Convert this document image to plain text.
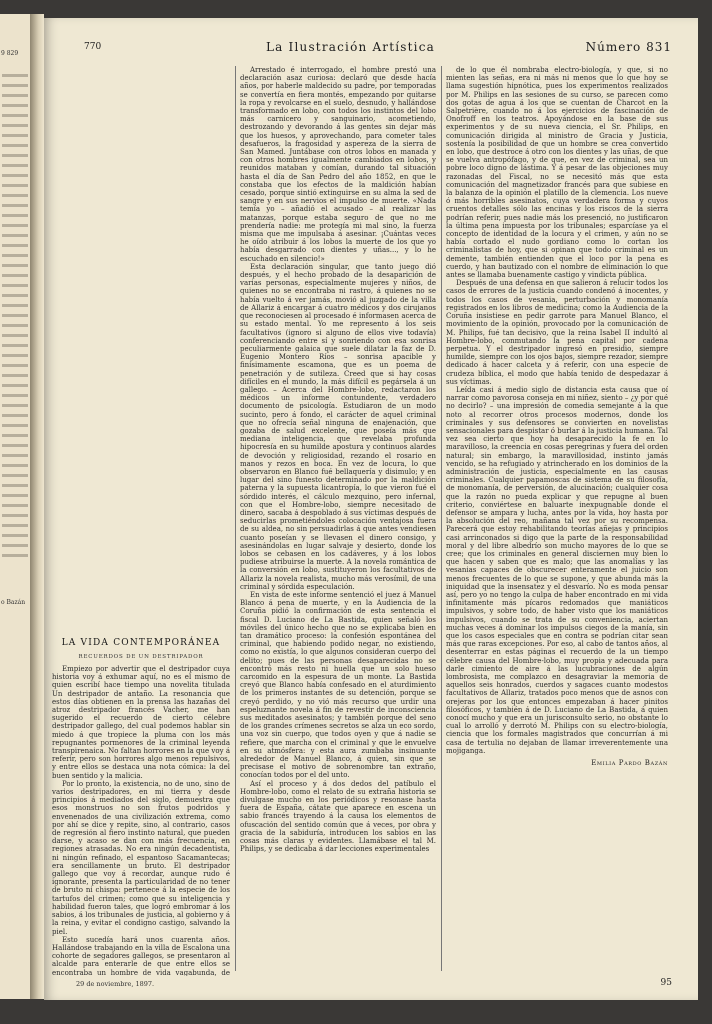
9 829
o Bazán
770	La Ilustración Artística	Número 831
LA VIDA CONTEMPORÁNEA
RECUERDOS DE UN DESTRIPADOR

Empiezo por advertir que el destripador cuya historia voy á exhumar aquí, no es el mismo de quien escribí hace tiempo una novelita titulada Un destripador de antaño. La resonancia que estos días obtienen en la prensa las hazañas del atroz destripador francés Vacher, me han sugerido el recuerdo de cierto célebre destripador gallego, del cual podemos hablar sin miedo á que tropiece la pluma con los más repugnantes pormenores de la criminal leyenda transpirenaica. No faltan horrores en la que voy á referir, pero son horrores algo menos repulsivos, y entre ellos se destaca una nota cómica: la del buen sentido y la malicia.

Por lo pronto, la existencia, no de uno, sino de varios destripadores, en mi tierra y desde principios á mediados del siglo, demuestra que esos monstruos no son frutos podridos y envenenados de una civilización extrema, como por ahí se dice y repite, sino, al contrario, casos de regresión al fiero instinto natural, que pueden darse, y acaso se dan con más frecuencia, en regiones atrasadas. No era ningún decadentista, ni ningún refinado, el espantoso Sacamantecas; era sencillamente un bruto. El destripador gallego que voy á recordar, aunque rudo é ignorante, presenta la particularidad de no tener de bruto ni chispa: pertenece á la especie de los tartufos del crimen; como que su inteligencia y habilidad fueron tales, que logró embromar á los sabios, á los tribunales de justicia, al gobierno y á la reina, y evitar el condigno castigo, salvando la piel.

Esto sucedía hará unos cuarenta años. Hallándose trabajando en la villa de Escalona una cohorte de segadores gallegos, se presentaron al alcalde para enterarle de que entre ellos se encontraba un hombre de vida vagabunda, de

Arrestado é interrogado, el hombre prestó una declaración asaz curiosa: declaró que desde hacía años, por haberle maldecido su padre, por temporadas se convertía en fiera montés, empezando por quitarse la ropa y revolcarse en el suelo, desnudo, y hallándose transformado en lobo, con todos los instintos del lobo más carnicero y sanguinario, acometiendo, destrozando y devorando á las gentes sin dejar más que los huesos, y aprovechando, para cometer tales desafueros, la fragosidad y aspereza de la sierra de San Mamed. Juntábase con otros lobos en manada y con otros hombres igualmente cambiados en lobos, y reunidos mataban y comían, durando tal situación hasta el día de San Pedro del año 1852, en que le constaba que los efectos de la maldición habían cesado, porque sintió extinguirse en su alma la sed de sangre y en sus nervios el impulso de muerte. «Nada temía yo – añadió el acusado – al realizar las matanzas, porque estaba seguro de que no me prendería nadie: me protegía mi mal sino, la fuerza misma que me impulsaba á asesinar. ¡Cuántas veces he oído atribuir á los lobos la muerte de los que yo había desgarrado con dientes y uñas..., y lo he escuchado en silencio!»

Esta declaración singular, que tanto juego dió después, y el hecho probado de la desaparición de varias personas, especialmente mujeres y niños, de quienes no se encontraba ni rastro, á quienes no se había vuelto á ver jamás, movió al juzgado de la villa de Allariz á encargar á cuatro médicos y dos cirujanos que reconociesen al procesado é informasen acerca de su estado mental. Yo me represento á los seis facultativos (ignoro si alguno de ellos vive todavía) conferenciando entre sí y sonriendo con esa sonrisa peculiarmente galaica que suele dilatar la faz de D. Eugenio Montero Ríos – sonrisa apacible y finísimamente escamona, que es un poema de penetración y de sutileza. Creed que si hay cosas difíciles en el mundo, la más difícil es pegársela á un gallego. – Acerca del Hombre-lobo, redactaron los médicos un informe contundente, verdadero documento de psicología. Estudiaron de un modo sucinto, pero á fondo, el carácter de aquel criminal que no ofrecía señal ninguna de enajenación, que gozaba de salud excelente, que poseía más que mediana inteligencia, que revelaba profunda hipocresía en su humilde apostura y continuos alardes de devoción y religiosidad, rezando el rosario en manos y rezos en boca. En vez de locura, lo que observaron en Blanco fué bellaquería y disimulo; y en lugar del sino funesto determinado por la maldición paterna y la supuesta licantropía, lo que vieron fué el sórdido interés, el cálculo mezquino, pero infernal, con que el Hombre-lobo, siempre necesitado de dinero, sacaba á despoblado á sus víctimas después de seducirlas prometiéndoles colocación ventajosa fuera de su aldea, no sin persuadirlas á que antes vendiesen cuanto poseían y se llevasen el dinero consigo, y asesinándolas en lugar salvaje y desierto, donde los lobos se cebasen en los cadáveres, y á los lobos pudiese atribuirse la muerte. A la novela romántica de la conversión en lobo, sustituyeron los facultativos de Allariz la novela realista, mucho más verosímil, de una criminal y sórdida especulación.

En vista de este informe sentenció el juez á Manuel Blanco á pena de muerte, y en la Audiencia de la Coruña pidió la confirmación de esta sentencia el fiscal D. Luciano de La Bastida, quien señaló los móviles del único hecho que no se explicaba bien en tan dramático proceso: la confesión espontánea del criminal, que habiendo podido negar, no existiendo, como no existía, lo que algunos consideran cuerpo del delito; pues de las personas desaparecidas no se encontró más resto ni huella que un solo hueso carcomido en la espesura de un monte. La Bastida creyó que Blanco había confesado en el aturdimiento de los primeros instantes de su detención, porque se creyó perdido, y no vió más recurso que urdir una espeluznante novela á fin de revestir de inconsciencia sus meditados asesinatos; y también porque del seno de los grandes crímenes secretos se alza un eco sordo, una voz sin cuerpo, que todos oyen y que á nadie se refiere, que marcha con el criminal y que le envuelve en su atmósfera: y esta aura zumbaba insinuante alrededor de Manuel Blanco, á quien, sin que se precisase el motivo de sobrenombre tan extraño, conocían todos por el del unto.

Así el proceso y á dos dedos del patíbulo el Hombre-lobo, como el relato de su extraña historia se divulgase mucho en los periódicos y resonase hasta fuera de España, cátate que aparece en escena un sabio francés trayendo á la causa los elementos de ofuscación del sentido común que á veces, por obra y gracia de la sabiduría, introducen los sabios en las cosas más claras y evidentes. Llamábase el tal M. Philips, y se dedicaba á dar lecciones experimentales

de lo que él nombraba electro-biología, y que, si no mienten las señas, era ni más ni menos que lo que hoy se llama sugestión hipnótica, pues los experimentos realizados por M. Philips en las sesiones de su curso, se parecen como dos gotas de agua á los que se cuentan de Charcot en la Salpetrière, cuando no á los ejercicios de fascinación de Onofroff en los teatros. Apoyándose en la base de sus experimentos y de su nueva ciencia, el Sr. Philips, en comunicación dirigida al ministro de Gracia y Justicia, sostenía la posibilidad de que un hombre se crea convertido en lobo, que destroce á otro con los dientes y las uñas, de que se vuelva antropófago, y de que, en vez de criminal, sea un pobre loco digno de lástima. Y á pesar de las objeciones muy razonadas del Fiscal, no se necesitó más que esta comunicación del magnetizador francés para que subiese en la balanza de la opinión el platillo de la clemencia. Los nueve ó más horribles asesinatos, cuya verdadera forma y cuyos cruentos detalles sólo las encinas y los riscos de la sierra podrían referir, pues nadie más los presenció, no justificaron la última pena impuesta por los tribunales; esparcíase ya el concepto de identidad de la locura y el crimen, y aún no se había cortado el nudo gordiano como lo cortan los criminalistas de hoy, que si opinan que todo criminal es un demente, también entienden que el loco por la pena es cuerdo, y han bautizado con el nombre de eliminación lo que antes se llamaba buenamente castigo y vindicta pública.

Después de una defensa en que salieron á relucir todos los casos de errores de la justicia cuando condenó á inocentes, y todos los casos de vesania, perturbación y monomanía registrados en los libros de medicina; como la Audiencia de la Coruña insistiese en pedir garrote para Manuel Blanco, el movimiento de la opinión, provocado por la comunicación de M. Philips, fué tan decisivo, que la reina Isabel II indultó al Hombre-lobo, conmutando la pena capital por cadena perpetua. Y el destripador ingresó en presidio, siempre humilde, siempre con los ojos bajos, siempre rezador, siempre dedicado á hacer calceta y á referir, con una especie de crudeza bíblica, el modo que había tenido de despedazar á sus víctimas.

Leída casi á medio siglo de distancia esta causa que oí narrar como pavorosa conseja en mi niñez, siento – ¿y por qué no decirlo? – una impresión de comedia semejante á la que noto al recorrer otros procesos modernos, donde los criminales y sus defensores se convierten en novelistas sensacionales para despistar ó burlar á la justicia humana. Tal vez sea cierto que hoy ha desaparecido la fe en lo maravilloso, la creencia en cosas peregrinas y fuera del orden natural; sin embargo, la maravillosidad, instinto jamás vencido, se ha refugiado y atrincherado en los dominios de la administración de justicia, especialmente en las causas criminales. Cualquier papamoscas de sistema de su filosofía, de monomanía, de perversión, de alucinación; cualquier cosa que la razón no pueda explicar y que repugne al buen criterio, conviértese en baluarte inexpugnable donde el defensor se ampara y lucha, antes por la vida, hoy hasta por la absolución del reo, mañana tal vez por su recompensa. Parecerá que estoy rehabilitando teorías añejas y principios casi arrinconados si digo que la parte de la responsabilidad moral y del libre albedrío son mucho mayores de lo que se cree; que los criminales en general disciernen muy bien lo que hacen y saben que es malo; que las anomalías y las vesanias capaces de obscurecer enteramente el juicio son menos frecuentes de lo que se supone, y que abunda más la iniquidad que la insensatez y el desvarío. No es moda pensar así, pero yo no tengo la culpa de haber encontrado en mi vida infinitamente más pícaros redomados que maniáticos impulsivos, y sobre todo, de haber visto que los maniáticos impulsivos, cuando se trata de su conveniencia, aciertan muchas veces á dominar los impulsos ciegos de la manía, sin que los casos especiales que en contra se podrían citar sean más que raras excepciones. Por eso, al cabo de tantos años, al desenterrar en estas páginas el recuerdo de la un tiempo célebre causa del Hombre-lobo, muy propia y adecuada para darle cimiento de aire á las lucubraciones de algún lombrosista, me complazco en desagraviar la memoria de aquellos seis honrados, cuerdos y sagaces cuanto modestos facultativos de Allariz, tratados poco menos que de asnos con orejeras por los que entonces empezaban á hacer pinitos filosóficos, y también á de D. Luciano de La Bastida, á quien conocí mucho y que era un jurisconsulto serio, no obstante lo cual lo arrolló y derrotó M. Philips con su electro-biología, ciencia que los formales magistrados que concurrían á mi casa de tertulia no dejaban de llamar irreverentemente una mojiganga.

Emilia Pardo Bazán
29 de noviembre, 1897.	95
